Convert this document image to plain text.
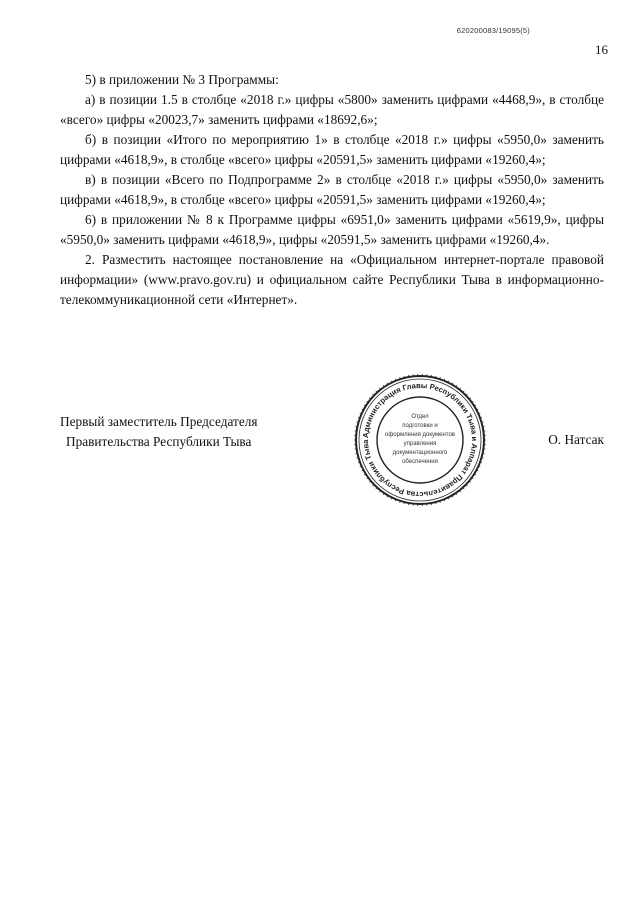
620200083/19095(5)
16

5) в приложении № 3 Программы:

а) в позиции 1.5 в столбце «2018 г.» цифры «5800» заменить цифрами «4468,9», в столбце «всего» цифры «20023,7» заменить цифрами «18692,6»;

б) в позиции «Итого по мероприятию 1» в столбце «2018 г.» цифры «5950,0» заменить цифрами «4618,9», в столбце «всего» цифры «20591,5» заменить цифрами «19260,4»;

в) в позиции «Всего по Подпрограмме 2» в столбце «2018 г.» цифры «5950,0» заменить цифрами «4618,9», в столбце «всего» цифры «20591,5» заменить цифрами «19260,4»;

6) в приложении № 8 к Программе цифры «6951,0» заменить цифрами «5619,9», цифры «5950,0» заменить цифрами «4618,9», цифры «20591,5» заменить цифрами «19260,4».

2. Разместить настоящее постановление на «Официальном интернет-портале правовой информации» (www.pravo.gov.ru) и официальном сайте Республики Тыва в информационно-телекоммуникационной сети «Интернет».

Первый заместитель Председателя
Правительства Республики Тыва	О. Натсак
Администрация Главы Республики Тыва и Аппарат Правительства Республики Тыва
Отдел
подготовки и
оформления документов
управления
документационного
обеспечения
